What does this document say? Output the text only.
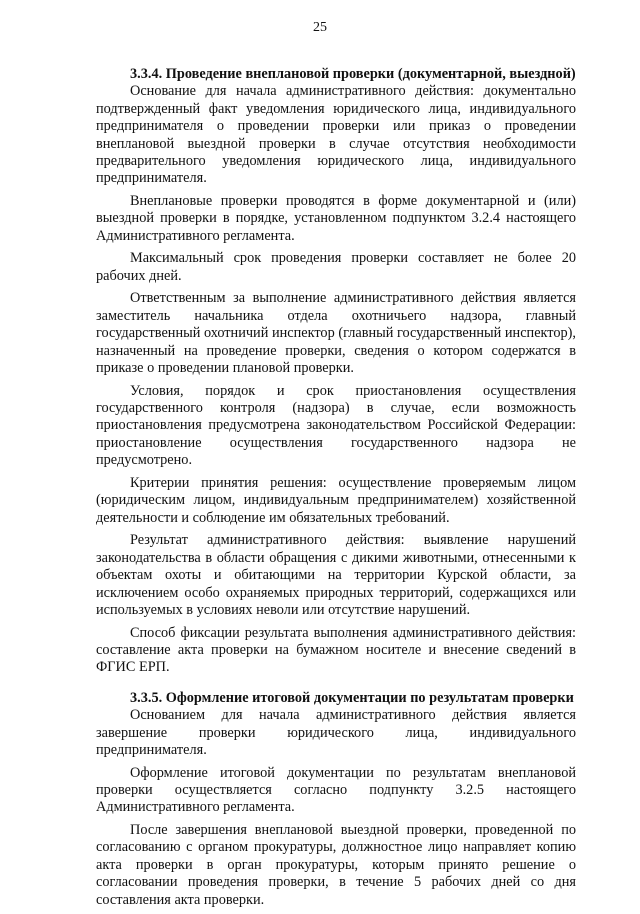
25

3.3.4. Проведение внеплановой проверки (документарной, выездной)

Основание для начала административного действия: документально подтвержденный факт уведомления юридического лица, индивидуального предпринимателя о проведении проверки или приказ о проведении внеплановой выездной проверки в случае отсутствия необходимости предварительного уведомления юридического лица, индивидуального предпринимателя.

Внеплановые проверки проводятся в форме документарной и (или) выездной проверки в порядке, установленном подпунктом 3.2.4 настоящего Административного регламента.

Максимальный срок проведения проверки составляет не более 20 рабочих дней.

Ответственным за выполнение административного действия является заместитель начальника отдела охотничьего надзора, главный государственный охотничий инспектор (главный государственный инспектор), назначенный на проведение проверки, сведения о котором содержатся в приказе о проведении плановой проверки.

Условия, порядок и срок приостановления осуществления государственного контроля (надзора) в случае, если возможность приостановления предусмотрена законодательством Российской Федерации: приостановление осуществления государственного надзора не предусмотрено.

Критерии принятия решения: осуществление проверяемым лицом (юридическим лицом, индивидуальным предпринимателем) хозяйственной деятельности и соблюдение им обязательных требований.

Результат административного действия: выявление нарушений законодательства в области обращения с дикими животными, отнесенными к объектам охоты и обитающими на территории Курской области, за исключением особо охраняемых природных территорий, содержащихся или используемых в условиях неволи или отсутствие нарушений.

Способ фиксации результата выполнения административного действия: составление акта проверки на бумажном носителе и внесение сведений в ФГИС ЕРП.

3.3.5. Оформление итоговой документации по результатам проверки

Основанием для начала административного действия является завершение проверки юридического лица, индивидуального предпринимателя.

Оформление итоговой документации по результатам внеплановой проверки осуществляется согласно подпункту 3.2.5 настоящего Административного регламента.

После завершения внеплановой выездной проверки, проведенной по согласованию с органом прокуратуры, должностное лицо направляет копию акта проверки в орган прокуратуры, которым принято решение о согласовании проведения проверки, в течение 5 рабочих дней со дня составления акта проверки.
